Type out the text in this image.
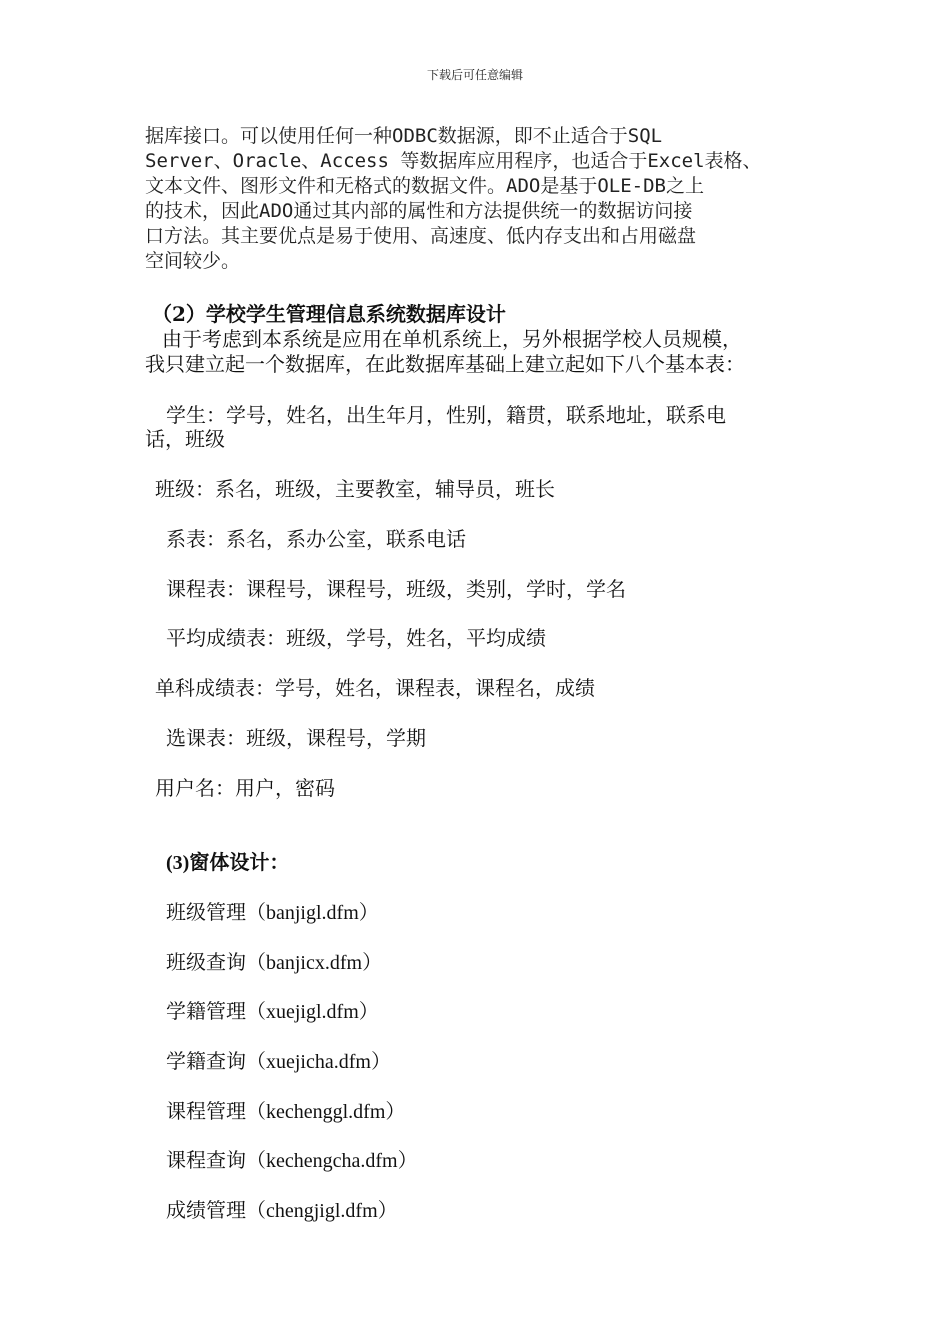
下载后可任意编辑
据库接口。可以使用任何一种ODBC数据源，即不止适合于SQL
Server、Oracle、Access 等数据库应用程序，也适合于Excel表格、
文本文件、图形文件和无格式的数据文件。ADO是基于OLE-DB之上
的技术，因此ADO通过其内部的属性和方法提供统一的数据访问接
口方法。其主要优点是易于使用、高速度、低内存支出和占用磁盘
空间较少。
（2）学校学生管理信息系统数据库设计
由于考虑到本系统是应用在单机系统上，另外根据学校人员规模，
我只建立起一个数据库，在此数据库基础上建立起如下八个基本表：
学生：学号，姓名，出生年月，性别，籍贯，联系地址，联系电
话，班级
班级：系名，班级，主要教室，辅导员，班长
系表：系名，系办公室，联系电话
课程表：课程号，课程号，班级，类别，学时，学名
平均成绩表：班级，学号，姓名，平均成绩
单科成绩表：学号，姓名，课程表，课程名，成绩
选课表：班级，课程号，学期
用户名：用户，密码
(3)窗体设计：
班级管理（banjigl.dfm）
班级查询（banjicx.dfm）
学籍管理（xuejigl.dfm）
学籍查询（xuejicha.dfm）
课程管理（kechenggl.dfm）
课程查询（kechengcha.dfm）
成绩管理（chengjigl.dfm）
